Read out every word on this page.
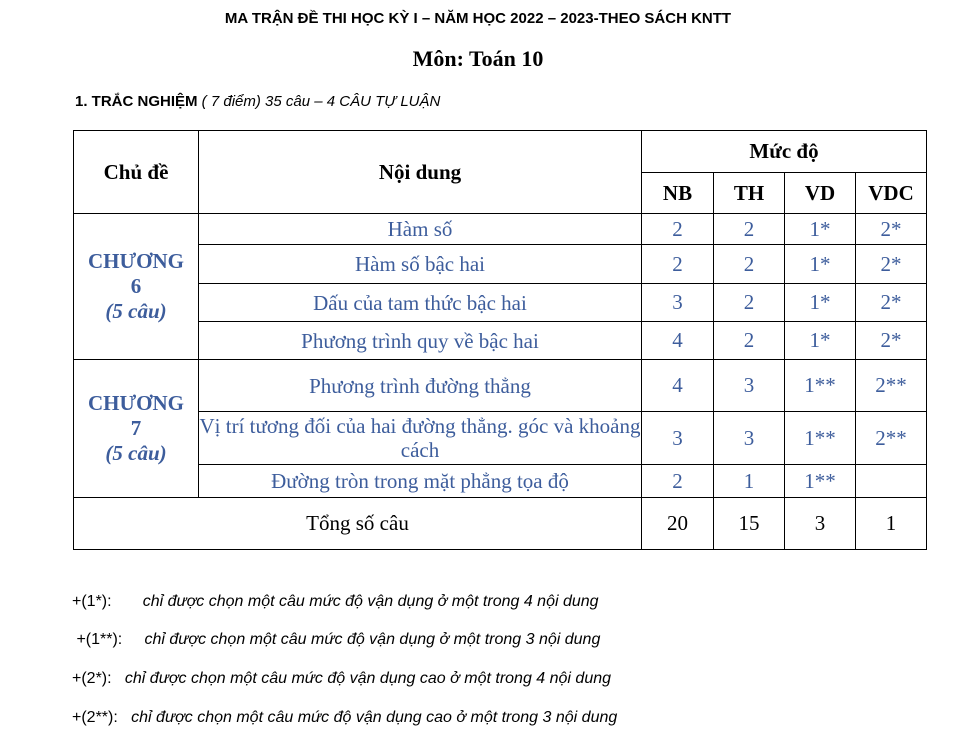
MA TRẬN ĐỀ THI HỌC KỲ I – NĂM HỌC 2022 – 2023-THEO SÁCH KNTT
Môn: Toán 10
1. TRẮC NGHIỆM ( 7 điểm) 35 câu – 4 CÂU TỰ LUẬN
Chủ đề	Nội dung	Mức độ			
		NB	TH	VD	VDC

CHƯƠNG
6
(5 câu)	Hàm số	2	2	1*	2*
	Hàm số bậc hai	2	2	1*	2*
	Dấu của tam thức bậc hai	3	2	1*	2*
	Phương trình quy về bậc hai	4	2	1*	2*

CHƯƠNG
7
(5 câu)	Phương trình đường thẳng	4	3	1**	2**
	Vị trí tương đối của hai đường thẳng. góc và khoảng cách	3	3	1**	2**
	Đường tròn trong mặt phẳng tọa độ	2	1	1**	
Tổng số câu		20	15	3	1
+(1*):       chỉ được chọn một câu mức độ vận dụng ở một trong 4 nội dung
+(1**):     chỉ được chọn một câu mức độ vận dụng ở một trong 3 nội dung
+(2*):   chỉ được chọn một câu mức độ vận dụng cao ở một trong 4 nội dung
+(2**):   chỉ được chọn một câu mức độ vận dụng cao ở một trong 3 nội dung
